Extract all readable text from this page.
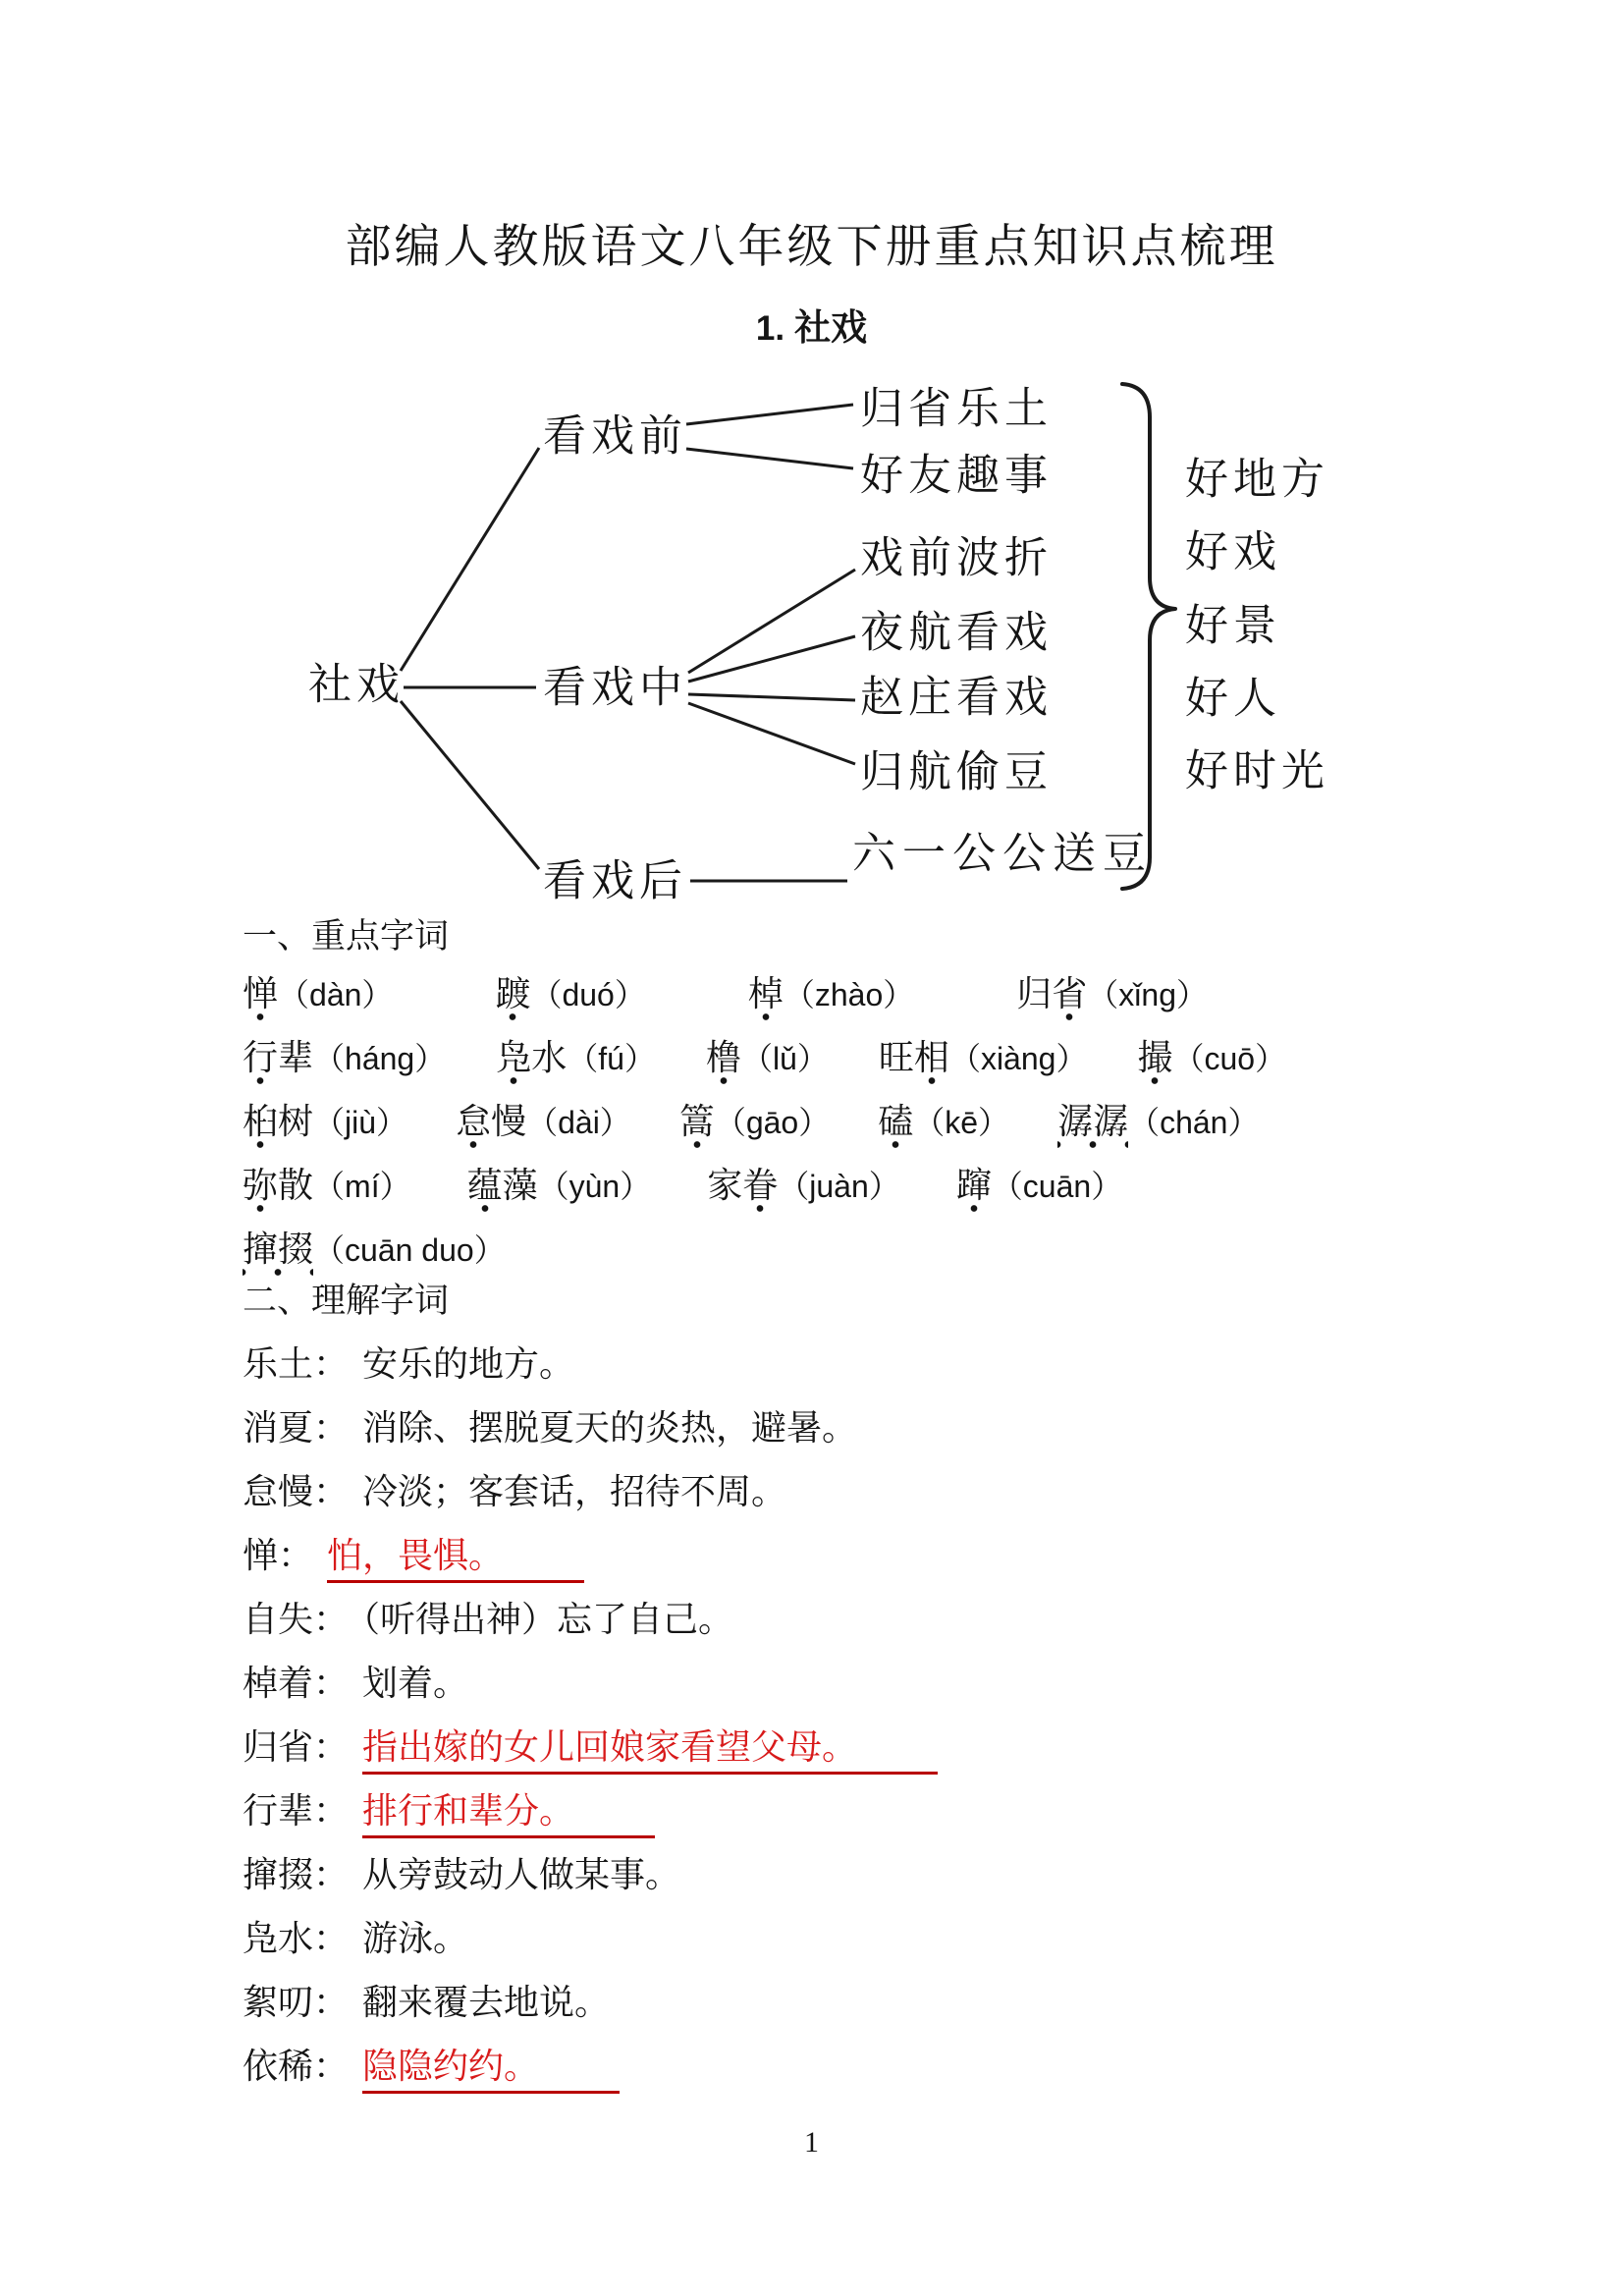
部编人教版语文八年级下册重点知识点梳理
1. 社戏
社戏
看戏前
看戏中
看戏后
归省乐土
好友趣事
戏前波折
夜航看戏
赵庄看戏
归航偷豆
六一公公送豆
好地方
好戏
好景
好人
好时光
一、重点字词
惮（dàn）	踱（duó）	棹（zhào）	归省（xǐng）
行辈（háng） 凫水（fú） 橹（lǔ） 旺相（xiàng） 撮（cuō）
桕树（jiù） 怠慢（dài） 篙（gāo） 磕（kē） 潺潺（chán）
弥散（mí） 蕴藻（yùn） 家眷（juàn） 蹿（cuān）
撺掇（cuān duo）
二、理解字词
乐土： 安乐的地方。
消夏： 消除、摆脱夏天的炎热，避暑。
怠慢： 冷淡；客套话，招待不周。
惮： 怕，畏惧。
自失： （听得出神）忘了自己。
棹着： 划着。
归省： 指出嫁的女儿回娘家看望父母。
行辈： 排行和辈分。
撺掇： 从旁鼓动人做某事。
凫水： 游泳。
絮叨： 翻来覆去地说。
依稀： 隐隐约约。
1
